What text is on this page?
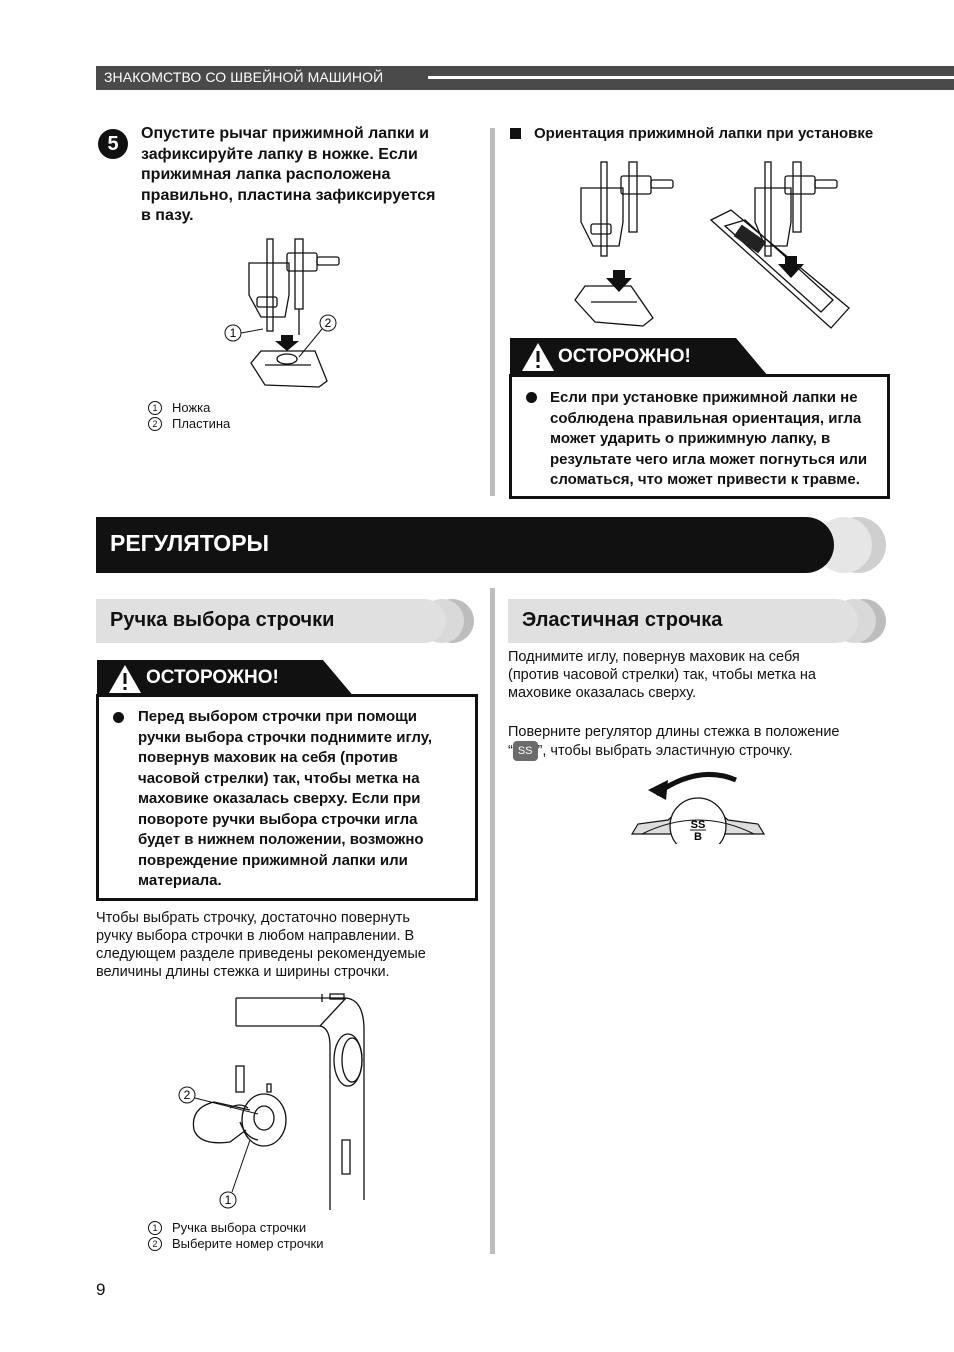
ЗНАКОМСТВО СО ШВЕЙНОЙ МАШИНОЙ
5	Опустите рычаг прижимной лапки и
зафиксируйте лапку в ножке. Если
прижимная лапка расположена
правильно, пластина зафиксируется
в пазу.
1
2
1 Ножка
2 Пластина
Ориентация прижимной лапки при установке
ОСТОРОЖНО!
Если при установке прижимной лапки не
соблюдена правильная ориентация, игла
может ударить о прижимную лапку, в
результате чего игла может погнуться или
сломаться, что может привести к травме.
РЕГУЛЯТОРЫ
Ручка выбора строчки
ОСТОРОЖНО!
Перед выбором строчки при помощи
ручки выбора строчки поднимите иглу,
повернув маховик на себя (против
часовой стрелки) так, чтобы метка на
маховике оказалась сверху. Если при
повороте ручки выбора строчки игла
будет в нижнем положении, возможно
повреждение прижимной лапки или
материала.
Чтобы выбрать строчку, достаточно повернуть
ручку выбора строчки в любом направлении. В
следующем разделе приведены рекомендуемые
величины длины стежка и ширины строчки.
2
1
1 Ручка выбора строчки
2 Выберите номер строчки
Эластичная строчка
Поднимите иглу, повернув маховик на себя
(против часовой стрелки) так, чтобы метка на
маховике оказалась сверху.
Поверните регулятор длины стежка в положение
“ SS ”, чтобы выбрать эластичную строчку.
SS
B
9
